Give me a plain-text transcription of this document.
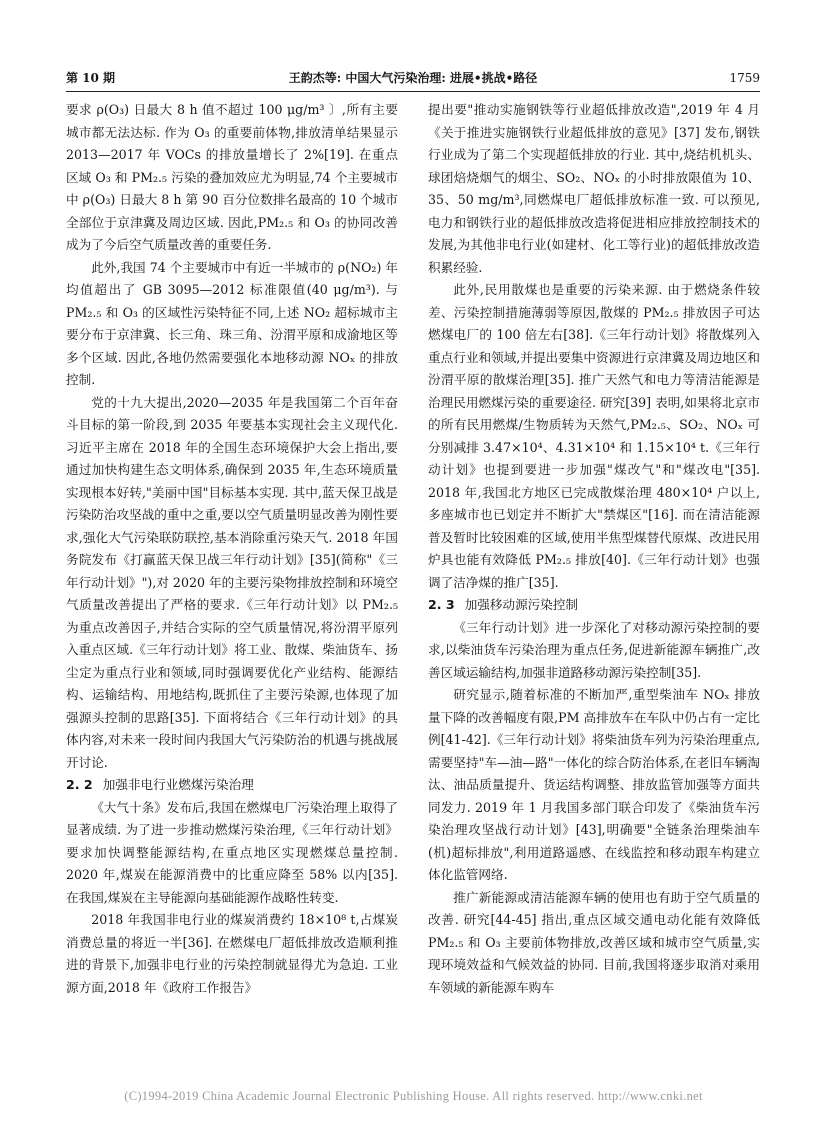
第 10 期	王韵杰等: 中国大气污染治理: 进展•挑战•路径	1759

要求 ρ(O₃) 日最大 8 h 值不超过 100 μg/m³ 〕,所有主要城市都无法达标. 作为 O₃ 的重要前体物,排放清单结果显示 2013—2017 年 VOCs 的排放量增长了 2%[19]. 在重点区域 O₃ 和 PM₂.₅ 污染的叠加效应尤为明显,74 个主要城市中 ρ(O₃) 日最大 8 h 第 90 百分位数排名最高的 10 个城市全部位于京津冀及周边区域. 因此,PM₂.₅ 和 O₃ 的协同改善成为了今后空气质量改善的重要任务.

此外,我国 74 个主要城市中有近一半城市的 ρ(NO₂) 年均值超出了 GB 3095—2012 标准限值(40 μg/m³). 与 PM₂.₅ 和 O₃ 的区域性污染特征不同,上述 NO₂ 超标城市主要分布于京津冀、长三角、珠三角、汾渭平原和成渝地区等多个区域. 因此,各地仍然需要强化本地移动源 NOₓ 的排放控制.

党的十九大提出,2020—2035 年是我国第二个百年奋斗目标的第一阶段,到 2035 年要基本实现社会主义现代化. 习近平主席在 2018 年的全国生态环境保护大会上指出,要通过加快构建生态文明体系,确保到 2035 年,生态环境质量实现根本好转,"美丽中国"目标基本实现. 其中,蓝天保卫战是污染防治攻坚战的重中之重,要以空气质量明显改善为刚性要求,强化大气污染联防联控,基本消除重污染天气. 2018 年国务院发布《打赢蓝天保卫战三年行动计划》[35](简称"《三年行动计划》"),对 2020 年的主要污染物排放控制和环境空气质量改善提出了严格的要求.《三年行动计划》以 PM₂.₅ 为重点改善因子,并结合实际的空气质量情况,将汾渭平原列入重点区域.《三年行动计划》将工业、散煤、柴油货车、扬尘定为重点行业和领域,同时强调要优化产业结构、能源结构、运输结构、用地结构,既抓住了主要污染源,也体现了加强源头控制的思路[35]. 下面将结合《三年行动计划》的具体内容,对未来一段时间内我国大气污染防治的机遇与挑战展开讨论.

2. 2 加强非电行业燃煤污染治理

《大气十条》发布后,我国在燃煤电厂污染治理上取得了显著成绩. 为了进一步推动燃煤污染治理,《三年行动计划》要求加快调整能源结构,在重点地区实现燃煤总量控制. 2020 年,煤炭在能源消费中的比重应降至 58% 以内[35]. 在我国,煤炭在主导能源向基础能源作战略性转变.

2018 年我国非电行业的煤炭消费约 18×10⁸ t,占煤炭消费总量的将近一半[36]. 在燃煤电厂超低排放改造顺利推进的背景下,加强非电行业的污染控制就显得尤为急迫. 工业源方面,2018 年《政府工作报告》

提出要"推动实施钢铁等行业超低排放改造",2019 年 4 月《关于推进实施钢铁行业超低排放的意见》[37] 发布,钢铁行业成为了第二个实现超低排放的行业. 其中,烧结机机头、球团焙烧烟气的烟尘、SO₂、NOₓ 的小时排放限值为 10、35、50 mg/m³,同燃煤电厂超低排放标准一致. 可以预见,电力和钢铁行业的超低排放改造将促进相应排放控制技术的发展,为其他非电行业(如建材、化工等行业)的超低排放改造积累经验.

此外,民用散煤也是重要的污染来源. 由于燃烧条件较差、污染控制措施薄弱等原因,散煤的 PM₂.₅ 排放因子可达燃煤电厂的 100 倍左右[38].《三年行动计划》将散煤列入重点行业和领域,并提出要集中资源进行京津冀及周边地区和汾渭平原的散煤治理[35]. 推广天然气和电力等清洁能源是治理民用燃煤污染的重要途径. 研究[39] 表明,如果将北京市的所有民用燃煤/生物质转为天然气,PM₂.₅、SO₂、NOₓ 可分别减排 3.47×10⁴、4.31×10⁴ 和 1.15×10⁴ t.《三年行动计划》也提到要进一步加强"煤改气"和"煤改电"[35]. 2018 年,我国北方地区已完成散煤治理 480×10⁴ 户以上,多座城市也已划定并不断扩大"禁煤区"[16]. 而在清洁能源普及暂时比较困难的区域,使用半焦型煤替代原煤、改进民用炉具也能有效降低 PM₂.₅ 排放[40].《三年行动计划》也强调了洁净煤的推广[35].

2. 3 加强移动源污染控制

《三年行动计划》进一步深化了对移动源污染控制的要求,以柴油货车污染治理为重点任务,促进新能源车辆推广,改善区域运输结构,加强非道路移动源污染控制[35].

研究显示,随着标准的不断加严,重型柴油车 NOₓ 排放量下降的改善幅度有限,PM 高排放车在车队中仍占有一定比例[41-42].《三年行动计划》将柴油货车列为污染治理重点,需要坚持"车—油—路"一体化的综合防治体系,在老旧车辆淘汰、油品质量提升、货运结构调整、排放监管加强等方面共同发力. 2019 年 1 月我国多部门联合印发了《柴油货车污染治理攻坚战行动计划》[43],明确要"全链条治理柴油车(机)超标排放",利用道路遥感、在线监控和移动跟车构建立体化监管网络.

推广新能源或清洁能源车辆的使用也有助于空气质量的改善. 研究[44-45] 指出,重点区域交通电动化能有效降低 PM₂.₅ 和 O₃ 主要前体物排放,改善区域和城市空气质量,实现环境效益和气候效益的协同. 目前,我国将逐步取消对乘用车领域的新能源车购车

(C)1994-2019 China Academic Journal Electronic Publishing House. All rights reserved. http://www.cnki.net
